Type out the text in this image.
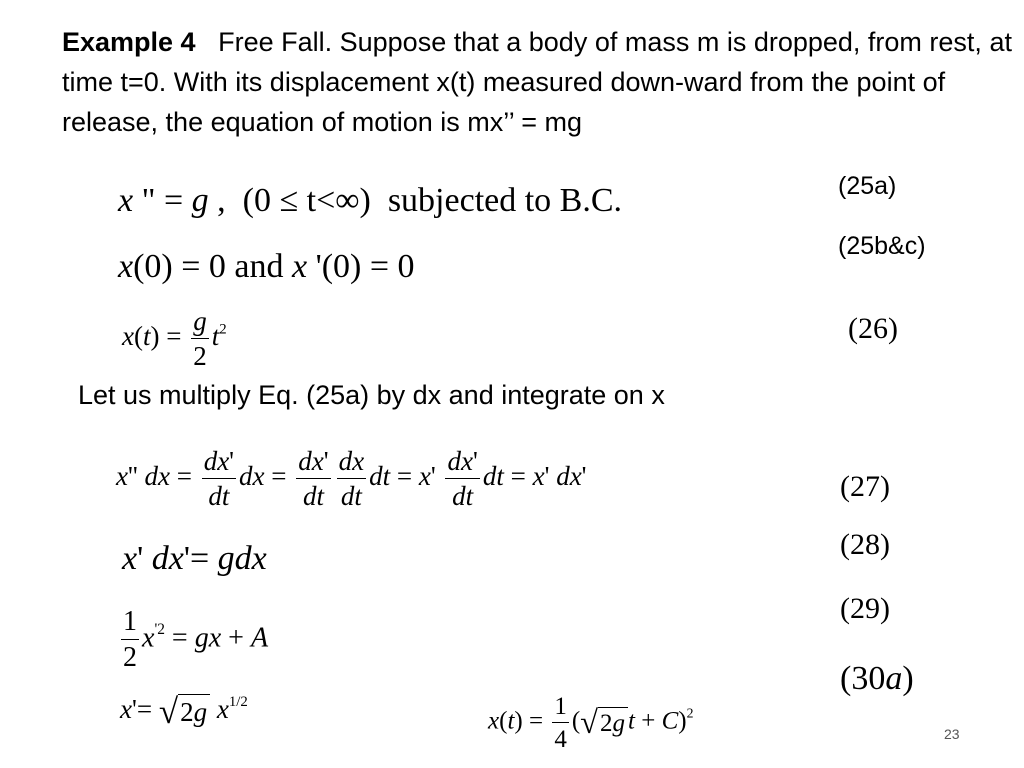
Example 4 Free Fall. Suppose that a body of mass m is dropped, from rest, at time t=0. With its displacement x(t) measured down-ward from the point of release, the equation of motion is mx’’ = mg
(25a)
(25b&c)
(26)
(27)
(28)
(29)
(30a)
x " = g ,  (0 ≤ t<∞) subjected to B.C.
x(0) = 0 and x '(0) = 0
$x(t) = \frac{g}{2} t^2$
Let us multiply Eq. (25a) by dx and integrate on x
x'' dx = $\frac{dx'}{dt}$ dx = $\frac{dx'}{dt} \frac{dx}{dt}$ dt = $x' \frac{dx'}{dt}$ dt = x' dx'
x' dx'= gdx
$\frac{1}{2} x^{'2}$ = gx + A
x'= √ 2g $x^{1/2}$
$x(t) = \frac{1}{4}$ ( √ 2g t + C)$^2$
23
